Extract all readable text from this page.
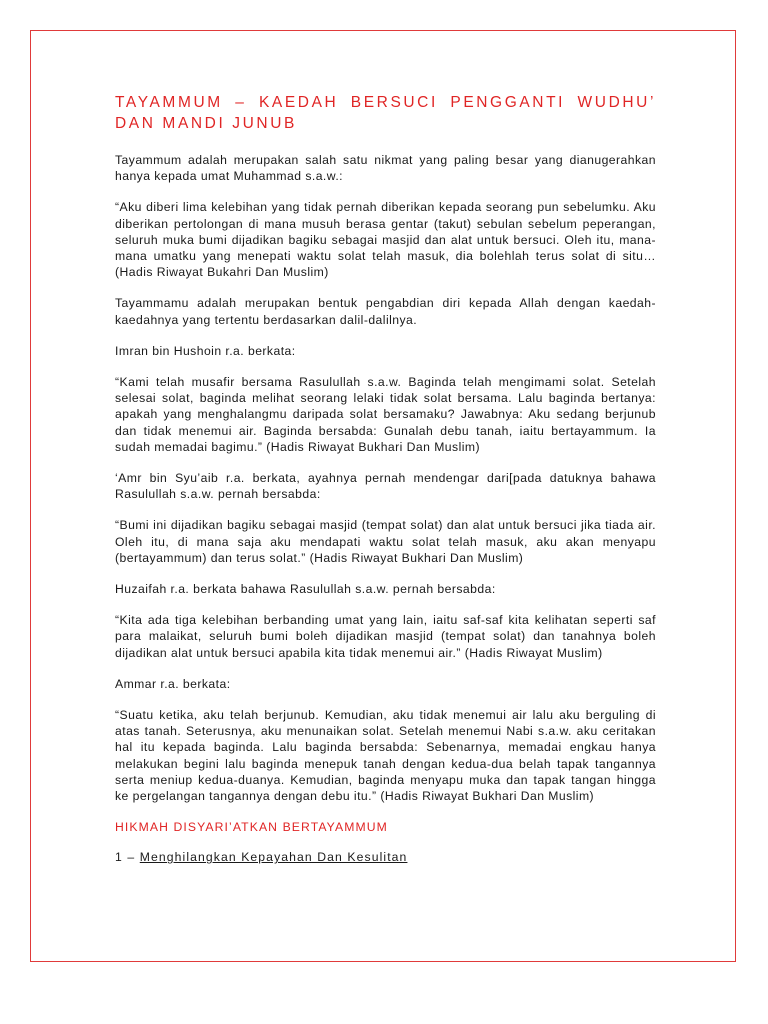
TAYAMMUM – KAEDAH BERSUCI PENGGANTI WUDHU’ DAN MANDI JUNUB

Tayammum adalah merupakan salah satu nikmat yang paling besar yang dianugerahkan hanya kepada umat Muhammad s.a.w.:

“Aku diberi lima kelebihan yang tidak pernah diberikan kepada seorang pun sebelumku. Aku diberikan pertolongan di mana musuh berasa gentar (takut) sebulan sebelum peperangan, seluruh muka bumi dijadikan bagiku sebagai masjid dan alat untuk bersuci. Oleh itu, mana-mana umatku yang menepati waktu solat telah masuk, dia bolehlah terus solat di situ… (Hadis Riwayat Bukahri Dan Muslim)

Tayammamu adalah merupakan bentuk pengabdian diri kepada Allah dengan kaedah-kaedahnya yang tertentu berdasarkan dalil-dalilnya.

Imran bin Hushoin r.a. berkata:

“Kami telah musafir bersama Rasulullah s.a.w. Baginda telah mengimami solat. Setelah selesai solat, baginda melihat seorang lelaki tidak solat bersama. Lalu baginda bertanya: apakah yang menghalangmu daripada solat bersamaku? Jawabnya: Aku sedang berjunub dan tidak menemui air. Baginda bersabda: Gunalah debu tanah, iaitu bertayammum. Ia sudah memadai bagimu.” (Hadis Riwayat Bukhari Dan Muslim)

‘Amr bin Syu’aib r.a. berkata, ayahnya pernah mendengar dari[pada datuknya bahawa Rasulullah s.a.w. pernah bersabda:

“Bumi ini dijadikan bagiku sebagai masjid (tempat solat) dan alat untuk bersuci jika tiada air. Oleh itu, di mana saja aku mendapati waktu solat telah masuk, aku akan menyapu (bertayammum) dan terus solat.” (Hadis Riwayat Bukhari Dan Muslim)

Huzaifah r.a. berkata bahawa Rasulullah s.a.w. pernah bersabda:

“Kita ada tiga kelebihan berbanding umat yang lain, iaitu saf-saf kita kelihatan seperti saf para malaikat, seluruh bumi boleh dijadikan masjid (tempat solat) dan tanahnya boleh dijadikan alat untuk bersuci apabila kita tidak menemui air.” (Hadis Riwayat Muslim)

Ammar r.a. berkata:

“Suatu ketika, aku telah berjunub. Kemudian, aku tidak menemui air lalu aku berguling di atas tanah. Seterusnya, aku menunaikan solat. Setelah menemui Nabi s.a.w. aku ceritakan hal itu kepada baginda. Lalu baginda bersabda: Sebenarnya, memadai engkau hanya melakukan begini lalu baginda menepuk tanah dengan kedua-dua belah tapak tangannya serta meniup kedua-duanya. Kemudian, baginda menyapu muka dan tapak tangan hingga ke pergelangan tangannya dengan debu itu.” (Hadis Riwayat Bukhari Dan Muslim)

HIKMAH DISYARI’ATKAN BERTAYAMMUM
1 – Menghilangkan Kepayahan Dan Kesulitan
